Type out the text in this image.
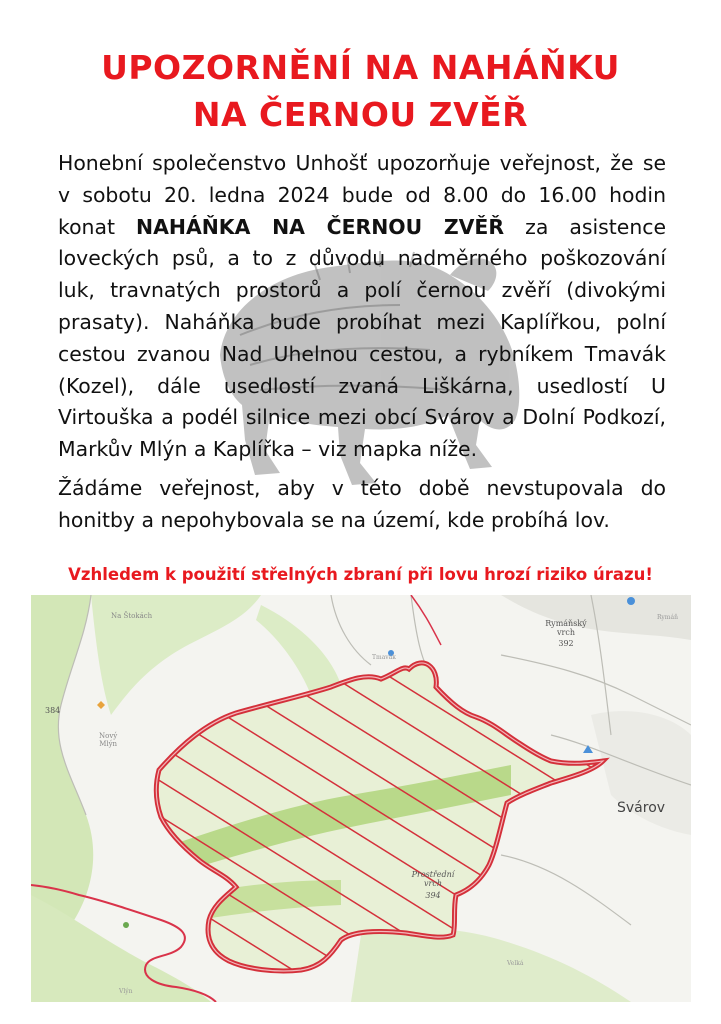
UPOZORNĚNÍ NA NAHÁŇKU
NA ČERNOU ZVĚŘ

Honební společenstvo Unhošť upozorňuje veřejnost, že se v sobotu 20. ledna 2024 bude od 8.00 do 16.00 hodin konat NAHÁŇKA NA ČERNOU ZVĚŘ za asistence loveckých psů, a to z důvodu nadměrného poškozování luk, travnatých prostorů a polí černou zvěří (divokými prasaty). Naháňka bude probíhat mezi Kaplířkou, polní cestou zvanou Nad Uhelnou cestou, a rybníkem Tmavák (Kozel), dále usedlostí zvaná Liškárna, usedlostí U Virtouška a podél silnice mezi obcí Svárov a Dolní Podkozí, Markův Mlýn a Kaplířka – viz mapka níže.

Žádáme veřejnost, aby v této době nevstupovala do honitby a nepohybovala se na území, kde probíhá lov.

Vzhledem k použití střelných zbraní při lovu hrozí riziko úrazu!
Svárov
Rymáňský
vrch
392
Prostřední
vrch
394
384
Na Štokách
Nový
Mlýn
Tmavák
Rymáň
Vlýn
Velká
